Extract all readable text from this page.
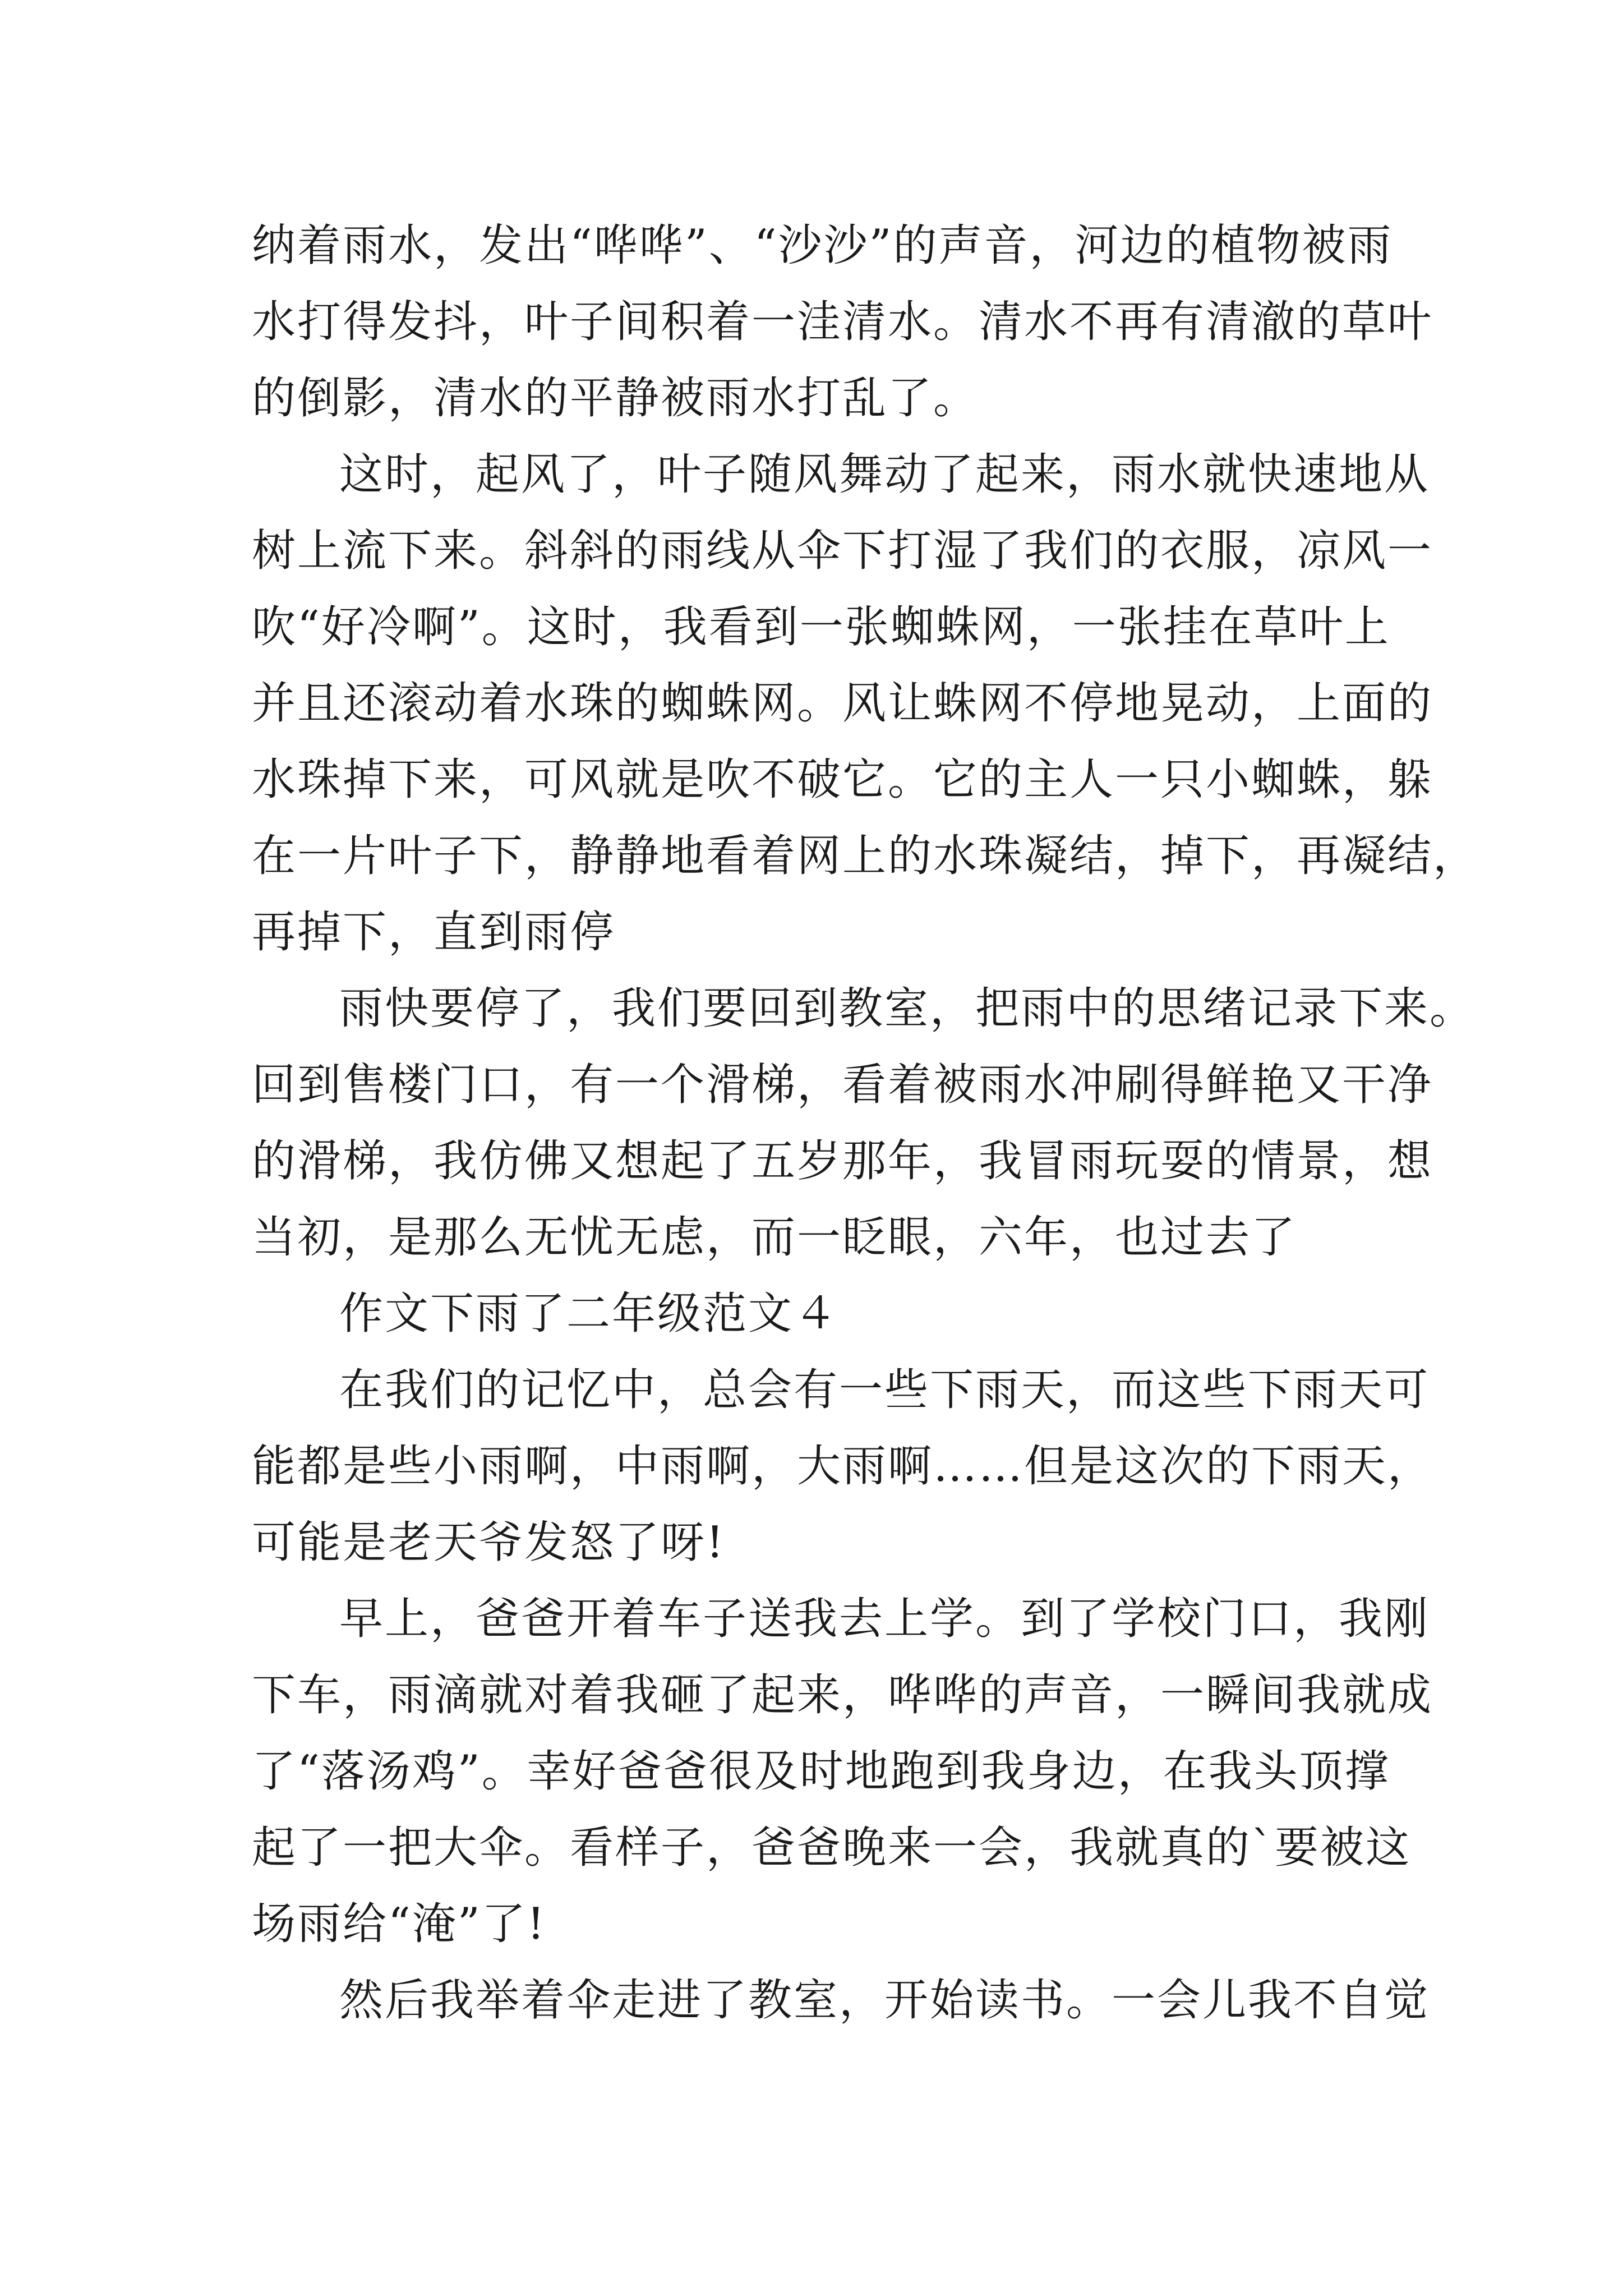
纳着雨水，发出“哗哗”、“沙沙”的声音，河边的植物被雨

水打得发抖，叶子间积着一洼清水。清水不再有清澈的草叶

的倒影，清水的平静被雨水打乱了。

这时，起风了，叶子随风舞动了起来，雨水就快速地从

树上流下来。斜斜的雨线从伞下打湿了我们的衣服，凉风一

吹“好冷啊”。这时，我看到一张蜘蛛网，一张挂在草叶上

并且还滚动着水珠的蜘蛛网。风让蛛网不停地晃动，上面的

水珠掉下来，可风就是吹不破它。它的主人一只小蜘蛛，躲

在一片叶子下，静静地看着网上的水珠凝结，掉下，再凝结，

再掉下，直到雨停

雨快要停了，我们要回到教室，把雨中的思绪记录下来。

回到售楼门口，有一个滑梯，看着被雨水冲刷得鲜艳又干净

的滑梯，我仿佛又想起了五岁那年，我冒雨玩耍的情景，想

当初，是那么无忧无虑，而一眨眼，六年，也过去了

作文下雨了二年级范文４

在我们的记忆中，总会有一些下雨天，而这些下雨天可

能都是些小雨啊，中雨啊，大雨啊……但是这次的下雨天，

可能是老天爷发怒了呀!

早上，爸爸开着车子送我去上学。到了学校门口，我刚

下车，雨滴就对着我砸了起来，哗哗的声音，一瞬间我就成

了“落汤鸡”。幸好爸爸很及时地跑到我身边，在我头顶撑

起了一把大伞。看样子，爸爸晚来一会，我就真的`要被这

场雨给“淹”了!

然后我举着伞走进了教室，开始读书。一会儿我不自觉
